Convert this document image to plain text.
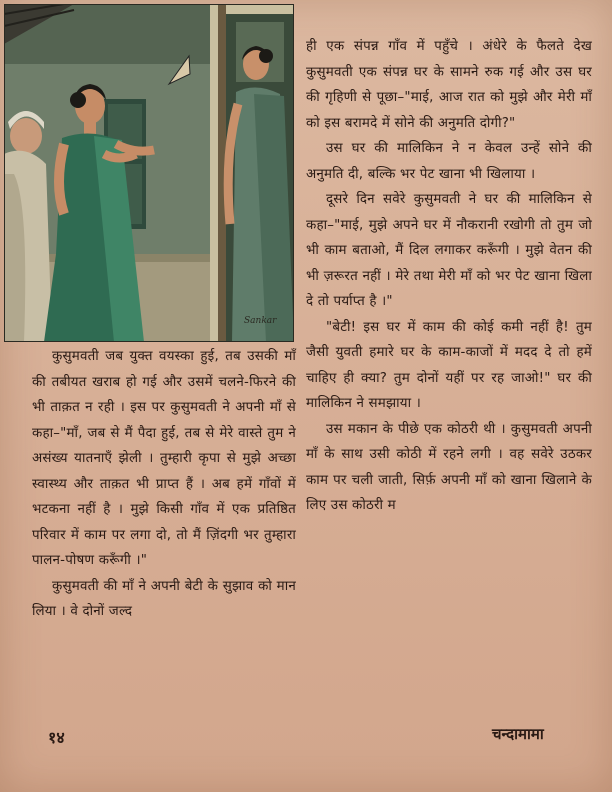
Sankar

ही एक संपन्न गाँव में पहुँचे । अंधेरे के फैलते देख कुसुमवती एक संपन्न घर के सामने रुक गई और उस घर की गृहिणी से पूछा–"माई, आज रात को मुझे और मेरी माँ को इस बरामदे में सोने की अनुमति दोगी?"

उस घर की मालिकिन ने न केवल उन्हें सोने की अनुमति दी, बल्कि भर पेट खाना भी खिलाया ।

दूसरे दिन सवेरे कुसुमवती ने घर की मालिकिन से कहा–"माई, मुझे अपने घर में नौकरानी रखोगी तो तुम जो भी काम बताओ, मैं दिल लगाकर करूँगी । मुझे वेतन की भी ज़रूरत नहीं । मेरे तथा मेरी माँ को भर पेट खाना खिला दे तो पर्याप्त है ।"

"बेटी! इस घर में काम की कोई कमी नहीं है! तुम जैसी युवती हमारे घर के काम-काजों में मदद दे तो हमें चाहिए ही क्या? तुम दोनों यहीं पर रह जाओ!" घर की मालिकिन ने समझाया ।

उस मकान के पीछे एक कोठरी थी । कुसुमवती अपनी माँ के साथ उसी कोठी में रहने लगी । वह सवेरे उठकर काम पर चली जाती, सिर्फ़ अपनी माँ को खाना खिलाने के लिए उस कोठरी म

कुसुमवती जब युक्त वयस्का हुई, तब उसकी माँ की तबीयत खराब हो गई और उसमें चलने-फिरने की भी ताक़त न रही । इस पर कुसुमवती ने अपनी माँ से कहा–"माँ, जब से मैं पैदा हुई, तब से मेरे वास्ते तुम ने असंख्य यातनाएँ झेली । तुम्हारी कृपा से मुझे अच्छा स्वास्थ्य और ताक़त भी प्राप्त हैं । अब हमें गाँवों में भटकना नहीं है । मुझे किसी गाँव में एक प्रतिष्ठित परिवार में काम पर लगा दो, तो मैं ज़िंदगी भर तुम्हारा पालन-पोषण करूँगी ।"

कुसुमवती की माँ ने अपनी बेटी के सुझाव को मान लिया । वे दोनों जल्द

१४	चन्दामामा
